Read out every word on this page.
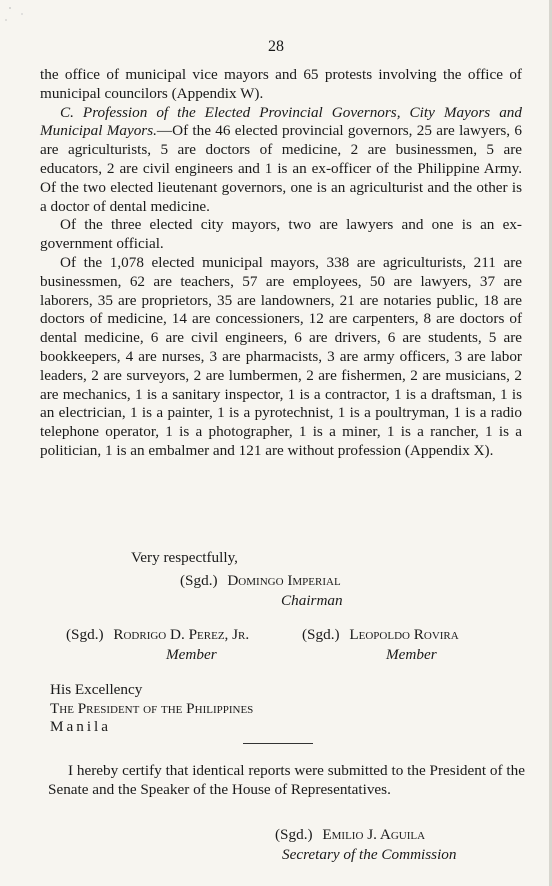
28

the office of municipal vice mayors and 65 protests involving the office of municipal councilors (Appendix W).

C. Profession of the Elected Provincial Governors, City Mayors and Municipal Mayors.—Of the 46 elected provincial governors, 25 are lawyers, 6 are agriculturists, 5 are doctors of medicine, 2 are businessmen, 5 are educators, 2 are civil engineers and 1 is an ex-officer of the Philippine Army. Of the two elected lieutenant governors, one is an agriculturist and the other is a doctor of dental medicine.

Of the three elected city mayors, two are lawyers and one is an ex-government official.

Of the 1,078 elected municipal mayors, 338 are agriculturists, 211 are businessmen, 62 are teachers, 57 are employees, 50 are lawyers, 37 are laborers, 35 are proprietors, 35 are landowners, 21 are notaries public, 18 are doctors of medicine, 14 are concessioners, 12 are carpenters, 8 are doctors of dental medicine, 6 are civil engineers, 6 are drivers, 6 are students, 5 are bookkeepers, 4 are nurses, 3 are pharmacists, 3 are army officers, 3 are labor leaders, 2 are surveyors, 2 are lumbermen, 2 are fishermen, 2 are musicians, 2 are mechanics, 1 is a sanitary inspector, 1 is a contractor, 1 is a draftsman, 1 is an electrician, 1 is a painter, 1 is a pyrotechnist, 1 is a poultryman, 1 is a radio telephone operator, 1 is a photographer, 1 is a miner, 1 is a rancher, 1 is a politician, 1 is an embalmer and 121 are without profession (Appendix X).

Very respectfully,
(Sgd.) Domingo Imperial
Chairman
(Sgd.) Rodrigo D. Perez, Jr.
Member
(Sgd.) Leopoldo Rovira
Member
His Excellency
The President of the Philippines
Manila

I hereby certify that identical reports were submitted to the President of the Senate and the Speaker of the House of Representatives.

(Sgd.) Emilio J. Aguila
Secretary of the Commission
